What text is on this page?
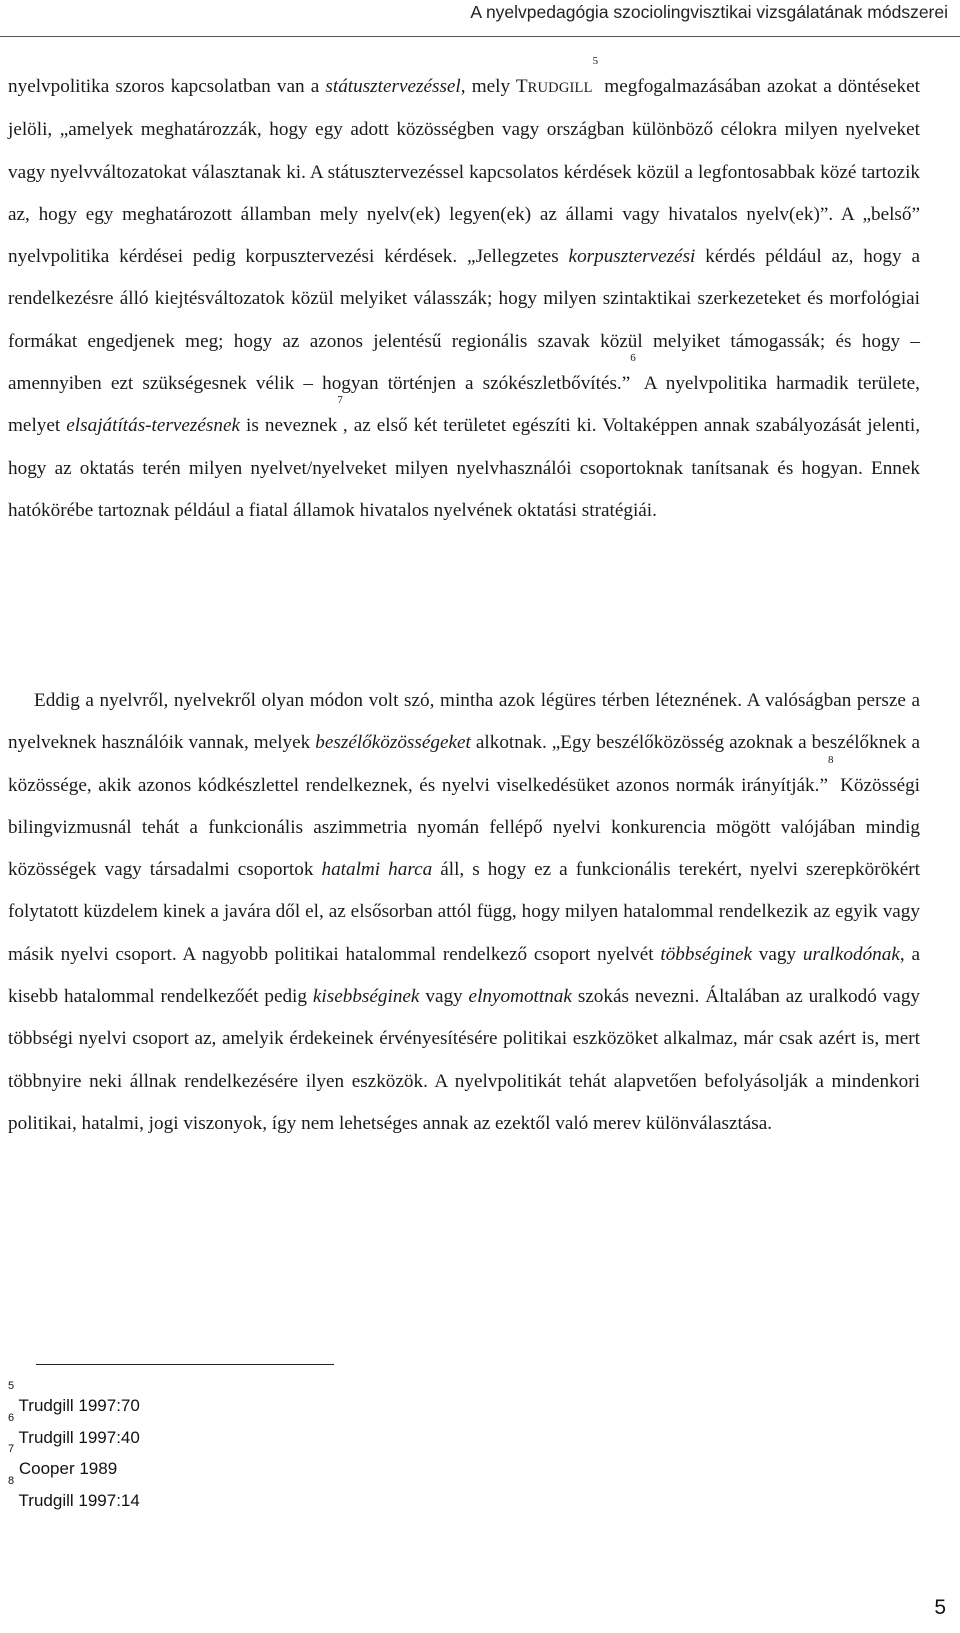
A nyelvpedagógia szociolingvisztikai vizsgálatának módszerei

nyelvpolitika szoros kapcsolatban van a státusztervezéssel, mely TRUDGILL$^5$ megfogalmazásában azokat a döntéseket jelöli, „amelyek meghatározzák, hogy egy adott közösségben vagy országban különböző célokra milyen nyelveket vagy nyelvváltozatokat választanak ki. A státusztervezéssel kapcsolatos kérdések közül a legfontosabbak közé tartozik az, hogy egy meghatározott államban mely nyelv(ek) legyen(ek) az állami vagy hivatalos nyelv(ek)”. A „belső” nyelvpolitika kérdései pedig korpusztervezési kérdések. „Jellegzetes korpusztervezési kérdés például az, hogy a rendelkezésre álló kiejtésváltozatok közül melyiket válasszák; hogy milyen szintaktikai szerkezeteket és morfológiai formákat engedjenek meg; hogy az azonos jelentésű regionális szavak közül melyiket támogassák; és hogy – amennyiben ezt szükségesnek vélik – hogyan történjen a szókészletbővítés.”$^6$ A nyelvpolitika harmadik területe, melyet elsajátítás-tervezésnek is neveznek$^7$, az első két területet egészíti ki. Voltaképpen annak szabályozását jelenti, hogy az oktatás terén milyen nyelvet/nyelveket milyen nyelvhasználói csoportoknak tanítsanak és hogyan. Ennek hatókörébe tartoznak például a fiatal államok hivatalos nyelvének oktatási stratégiái.

Eddig a nyelvről, nyelvekről olyan módon volt szó, mintha azok légüres térben léteznének. A valóságban persze a nyelveknek használóik vannak, melyek beszélőközösségeket alkotnak. „Egy beszélőközösség azoknak a beszélőknek a közössége, akik azonos kódkészlettel rendelkeznek, és nyelvi viselkedésüket azonos normák irányítják.”$^8$ Közösségi bilingvizmusnál tehát a funkcionális aszimmetria nyomán fellépő nyelvi konkurencia mögött valójában mindig közösségek vagy társadalmi csoportok hatalmi harca áll, s hogy ez a funkcionális terekért, nyelvi szerepkörökért folytatott küzdelem kinek a javára dől el, az elsősorban attól függ, hogy milyen hatalommal rendelkezik az egyik vagy másik nyelvi csoport. A nagyobb politikai hatalommal rendelkező csoport nyelvét többséginek vagy uralkodónak, a kisebb hatalommal rendelkezőét pedig kisebbséginek vagy elnyomottnak szokás nevezni. Általában az uralkodó vagy többségi nyelvi csoport az, amelyik érdekeinek érvényesítésére politikai eszközöket alkalmaz, már csak azért is, mert többnyire neki állnak rendelkezésére ilyen eszközök. A nyelvpolitikát tehát alapvetően befolyásolják a mindenkori politikai, hatalmi, jogi viszonyok, így nem lehetséges annak az ezektől való merev különválasztása.

$^5$ Trudgill 1997:70
$^6$ Trudgill 1997:40
$^7$ Cooper 1989
$^8$ Trudgill 1997:14
5
